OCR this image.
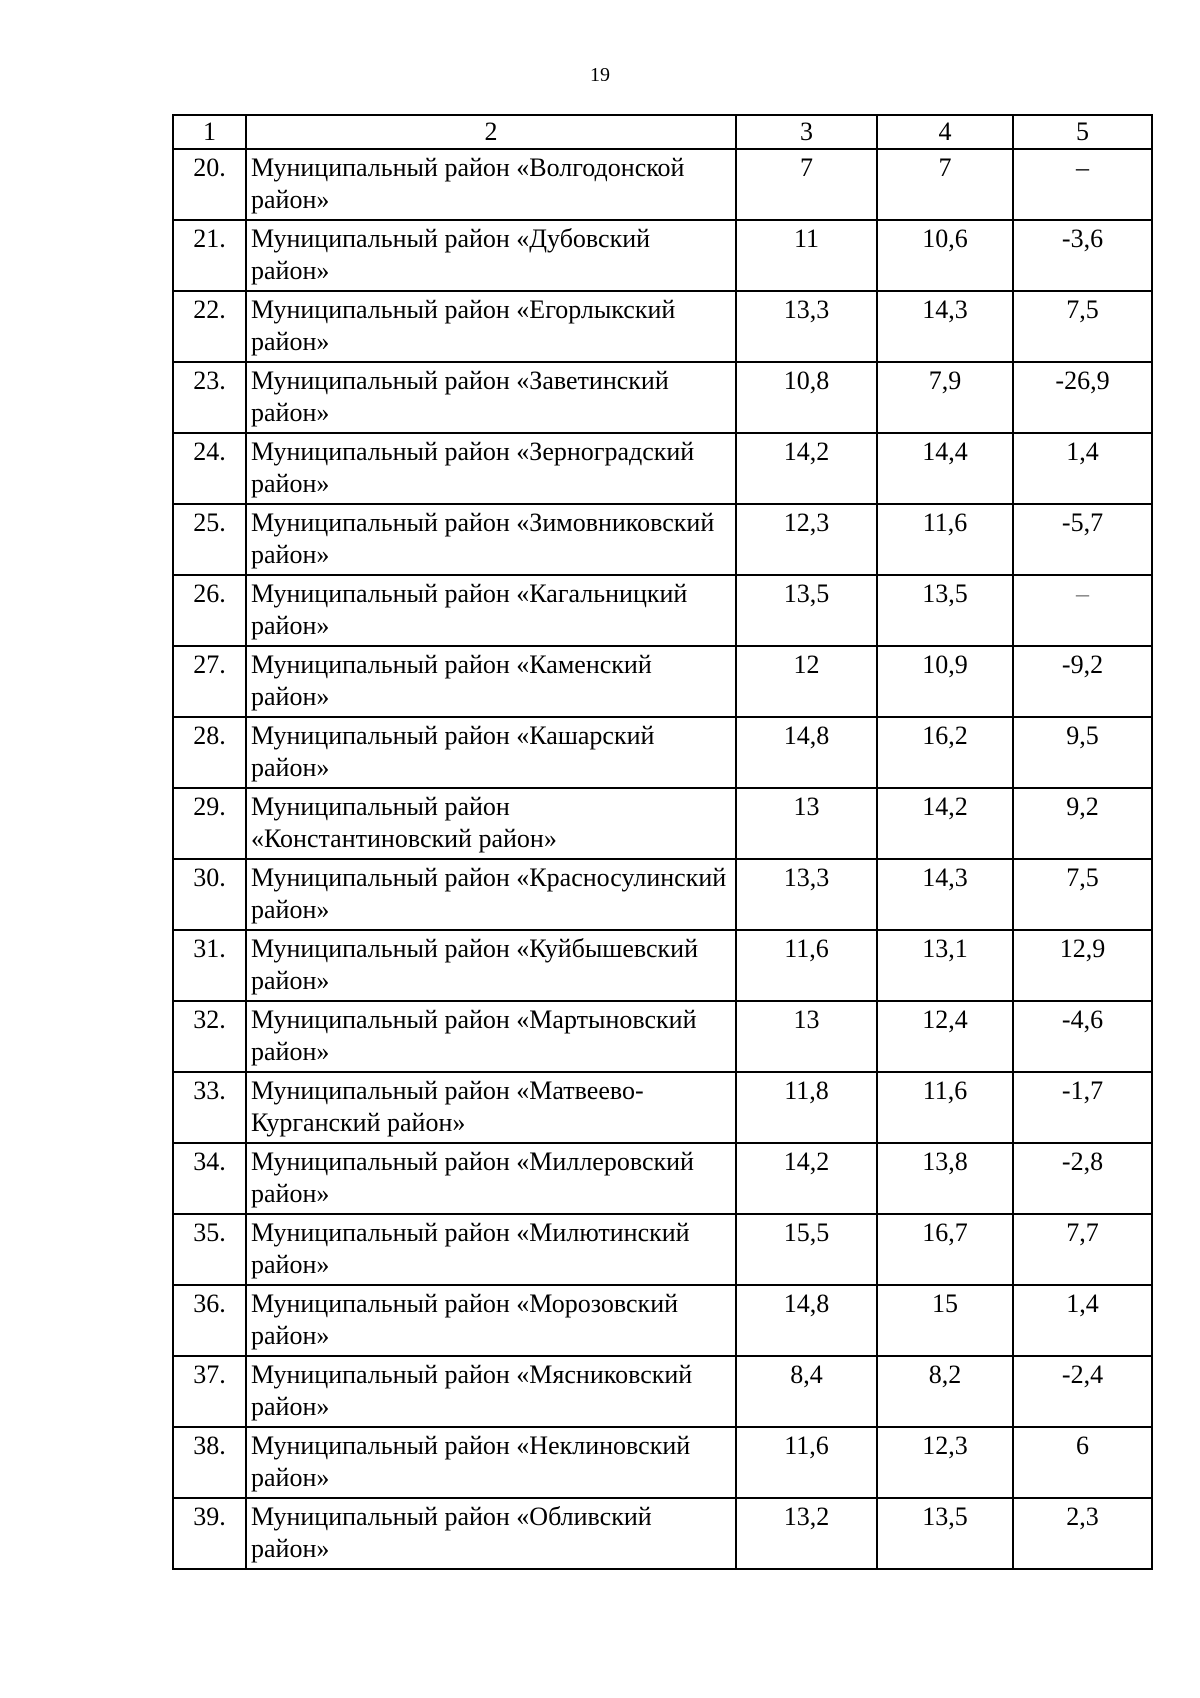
19
1	2	3	4	5
20.	Муниципальный район «Волгодонской район»	7	7	–
21.	Муниципальный район «Дубовский район»	11	10,6	-3,6
22.	Муниципальный район «Егорлыкский район»	13,3	14,3	7,5
23.	Муниципальный район «Заветинский район»	10,8	7,9	-26,9
24.	Муниципальный район «Зерноградский район»	14,2	14,4	1,4
25.	Муниципальный район «Зимовниковский район»	12,3	11,6	-5,7
26.	Муниципальный район «Кагальницкий район»	13,5	13,5	–
27.	Муниципальный район «Каменский район»	12	10,9	-9,2
28.	Муниципальный район «Кашарский район»	14,8	16,2	9,5
29.	Муниципальный район «Константиновский район»	13	14,2	9,2
30.	Муниципальный район «Красносулинский район»	13,3	14,3	7,5
31.	Муниципальный район «Куйбышевский район»	11,6	13,1	12,9
32.	Муниципальный район «Мартыновский район»	13	12,4	-4,6
33.	Муниципальный район «Матвеево-Курганский район»	11,8	11,6	-1,7
34.	Муниципальный район «Миллеровский район»	14,2	13,8	-2,8
35.	Муниципальный район «Милютинский район»	15,5	16,7	7,7
36.	Муниципальный район «Морозовский район»	14,8	15	1,4
37.	Муниципальный район «Мясниковский район»	8,4	8,2	-2,4
38.	Муниципальный район «Неклиновский район»	11,6	12,3	6
39.	Муниципальный район «Обливский район»	13,2	13,5	2,3
